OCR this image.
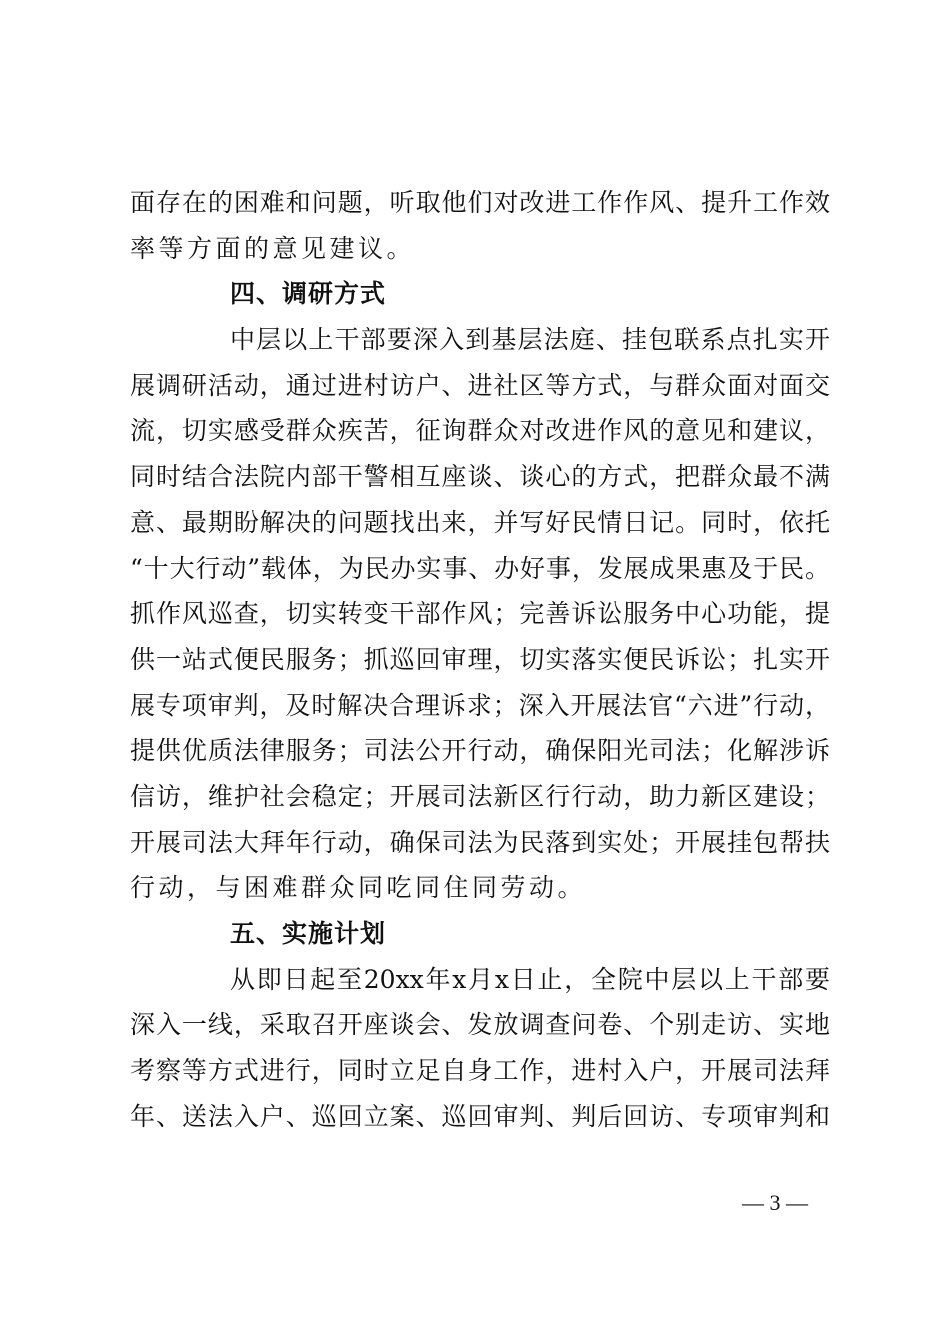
面存在的困难和问题，听取他们对改进工作作风、提升工作效
率等方面的意见建议。
四、调研方式
中层以上干部要深入到基层法庭、挂包联系点扎实开
展调研活动，通过进村访户、进社区等方式，与群众面对面交
流，切实感受群众疾苦，征询群众对改进作风的意见和建议，
同时结合法院内部干警相互座谈、谈心的方式，把群众最不满
意、最期盼解决的问题找出来，并写好民情日记。同时，依托
“十大行动”载体，为民办实事、办好事，发展成果惠及于民。
抓作风巡查，切实转变干部作风；完善诉讼服务中心功能，提
供一站式便民服务；抓巡回审理，切实落实便民诉讼；扎实开
展专项审判，及时解决合理诉求；深入开展法官“六进”行动，
提供优质法律服务；司法公开行动，确保阳光司法；化解涉诉
信访，维护社会稳定；开展司法新区行行动，助力新区建设；
开展司法大拜年行动，确保司法为民落到实处；开展挂包帮扶
行动，与困难群众同吃同住同劳动。
五、实施计划
从即日起至20xx年x月x日止，全院中层以上干部要
深入一线，采取召开座谈会、发放调查问卷、个别走访、实地
考察等方式进行，同时立足自身工作，进村入户，开展司法拜
年、送法入户、巡回立案、巡回审判、判后回访、专项审判和
— 3 —
